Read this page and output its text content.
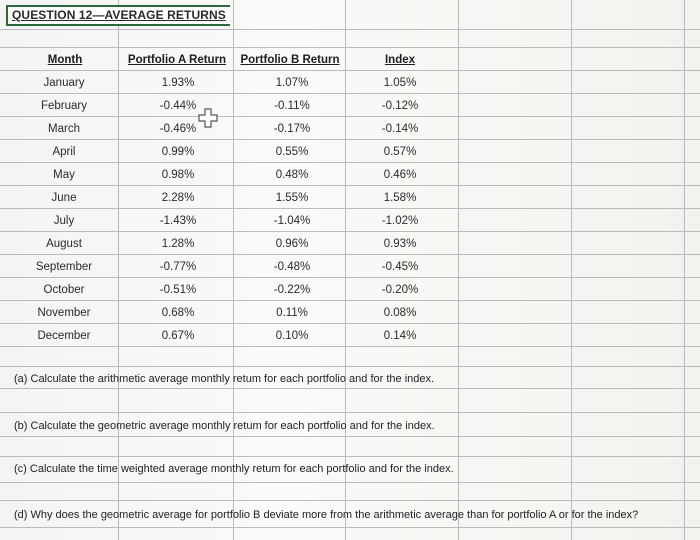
QUESTION 12—AVERAGE RETURNS
Month	Portfolio A Return	Portfolio B Return	Index
January	1.93%	1.07%	1.05%
February	-0.44%	-0.11%	-0.12%
March	-0.46%	-0.17%	-0.14%
April	0.99%	0.55%	0.57%
May	0.98%	0.48%	0.46%
June	2.28%	1.55%	1.58%
July	-1.43%	-1.04%	-1.02%
August	1.28%	0.96%	0.93%
September	-0.77%	-0.48%	-0.45%
October	-0.51%	-0.22%	-0.20%
November	0.68%	0.11%	0.08%
December	0.67%	0.10%	0.14%
(a) Calculate the arithmetic average monthly retum for each portfolio and for the index.
(b) Calculate the geometric average monthly retum for each portfolio and for the index.
(c) Calculate the time weighted average monthly retum for each portfolio and for the index.
(d) Why does the geometric average for portfolio B deviate more from the arithmetic average than for portfolio A or for the index?
